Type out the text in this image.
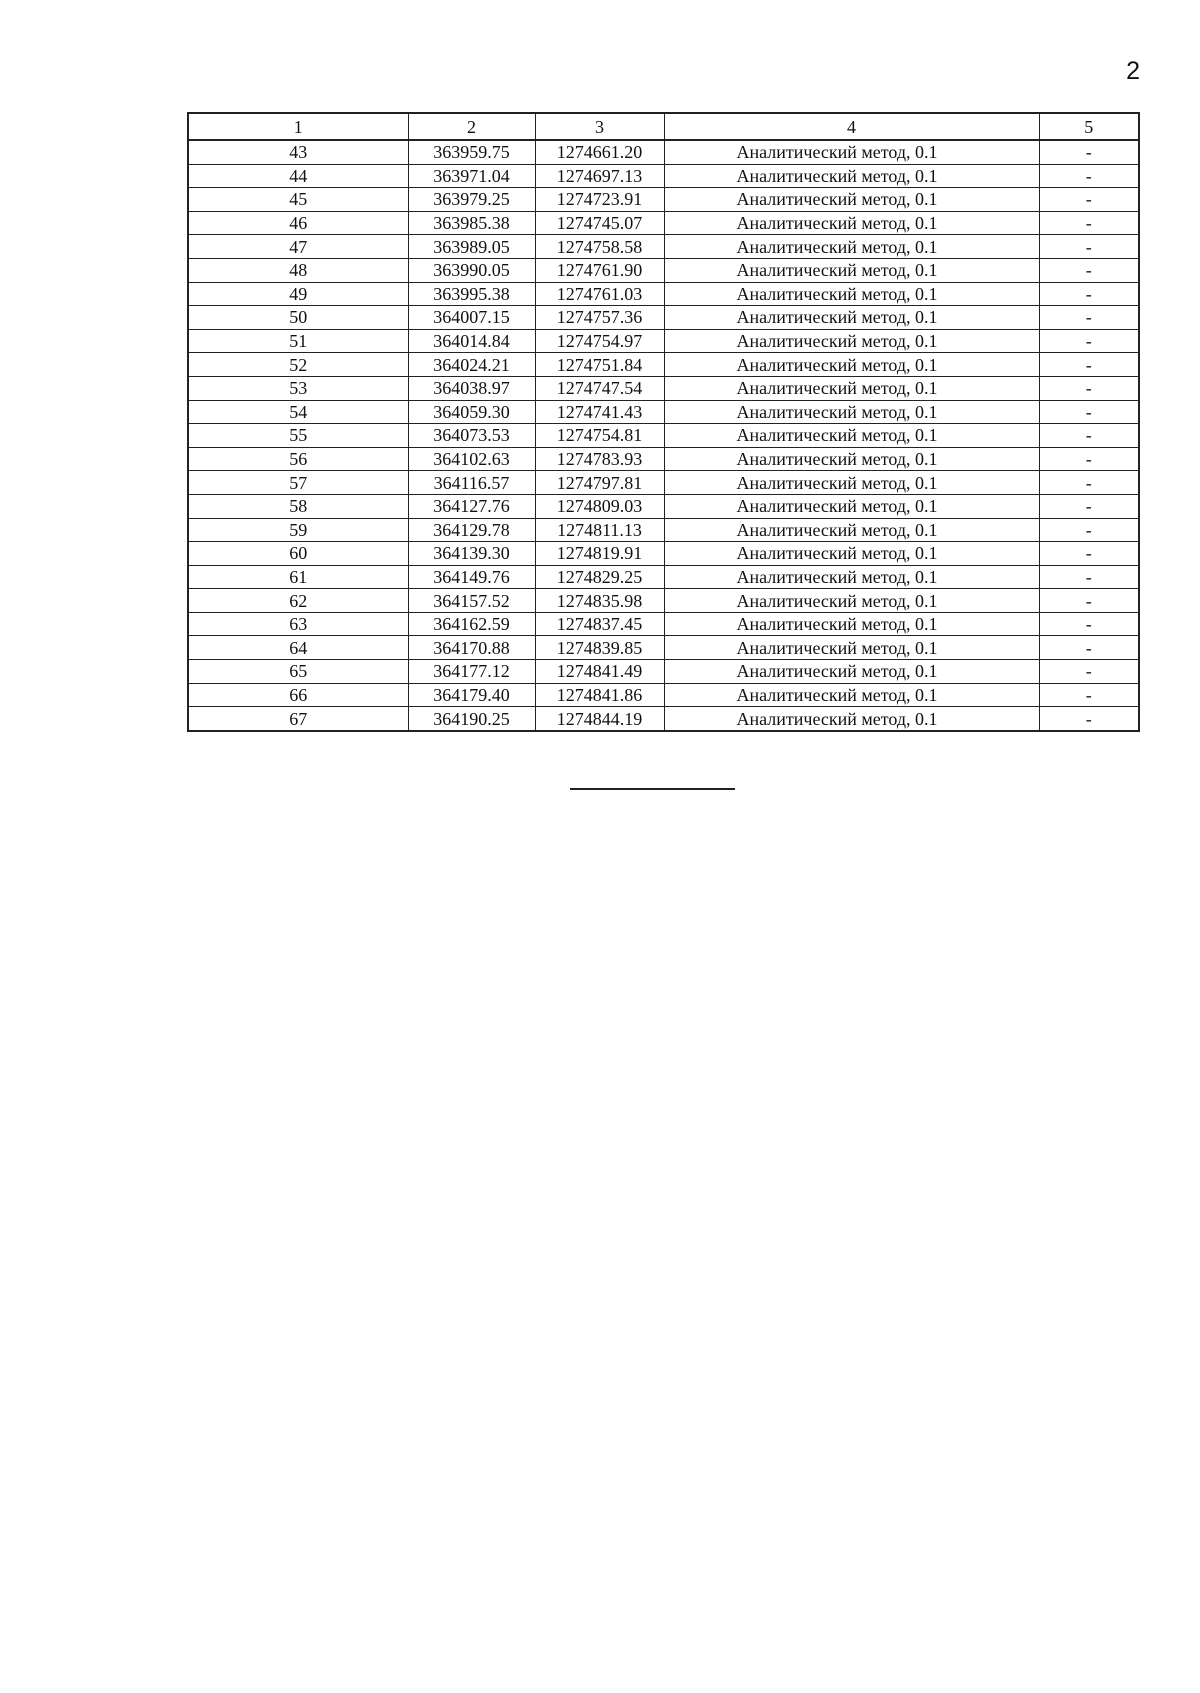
2
1	2	3	4	5
43	363959.75	1274661.20	Аналитический метод, 0.1	-
44	363971.04	1274697.13	Аналитический метод, 0.1	-
45	363979.25	1274723.91	Аналитический метод, 0.1	-
46	363985.38	1274745.07	Аналитический метод, 0.1	-
47	363989.05	1274758.58	Аналитический метод, 0.1	-
48	363990.05	1274761.90	Аналитический метод, 0.1	-
49	363995.38	1274761.03	Аналитический метод, 0.1	-
50	364007.15	1274757.36	Аналитический метод, 0.1	-
51	364014.84	1274754.97	Аналитический метод, 0.1	-
52	364024.21	1274751.84	Аналитический метод, 0.1	-
53	364038.97	1274747.54	Аналитический метод, 0.1	-
54	364059.30	1274741.43	Аналитический метод, 0.1	-
55	364073.53	1274754.81	Аналитический метод, 0.1	-
56	364102.63	1274783.93	Аналитический метод, 0.1	-
57	364116.57	1274797.81	Аналитический метод, 0.1	-
58	364127.76	1274809.03	Аналитический метод, 0.1	-
59	364129.78	1274811.13	Аналитический метод, 0.1	-
60	364139.30	1274819.91	Аналитический метод, 0.1	-
61	364149.76	1274829.25	Аналитический метод, 0.1	-
62	364157.52	1274835.98	Аналитический метод, 0.1	-
63	364162.59	1274837.45	Аналитический метод, 0.1	-
64	364170.88	1274839.85	Аналитический метод, 0.1	-
65	364177.12	1274841.49	Аналитический метод, 0.1	-
66	364179.40	1274841.86	Аналитический метод, 0.1	-
67	364190.25	1274844.19	Аналитический метод, 0.1	-
